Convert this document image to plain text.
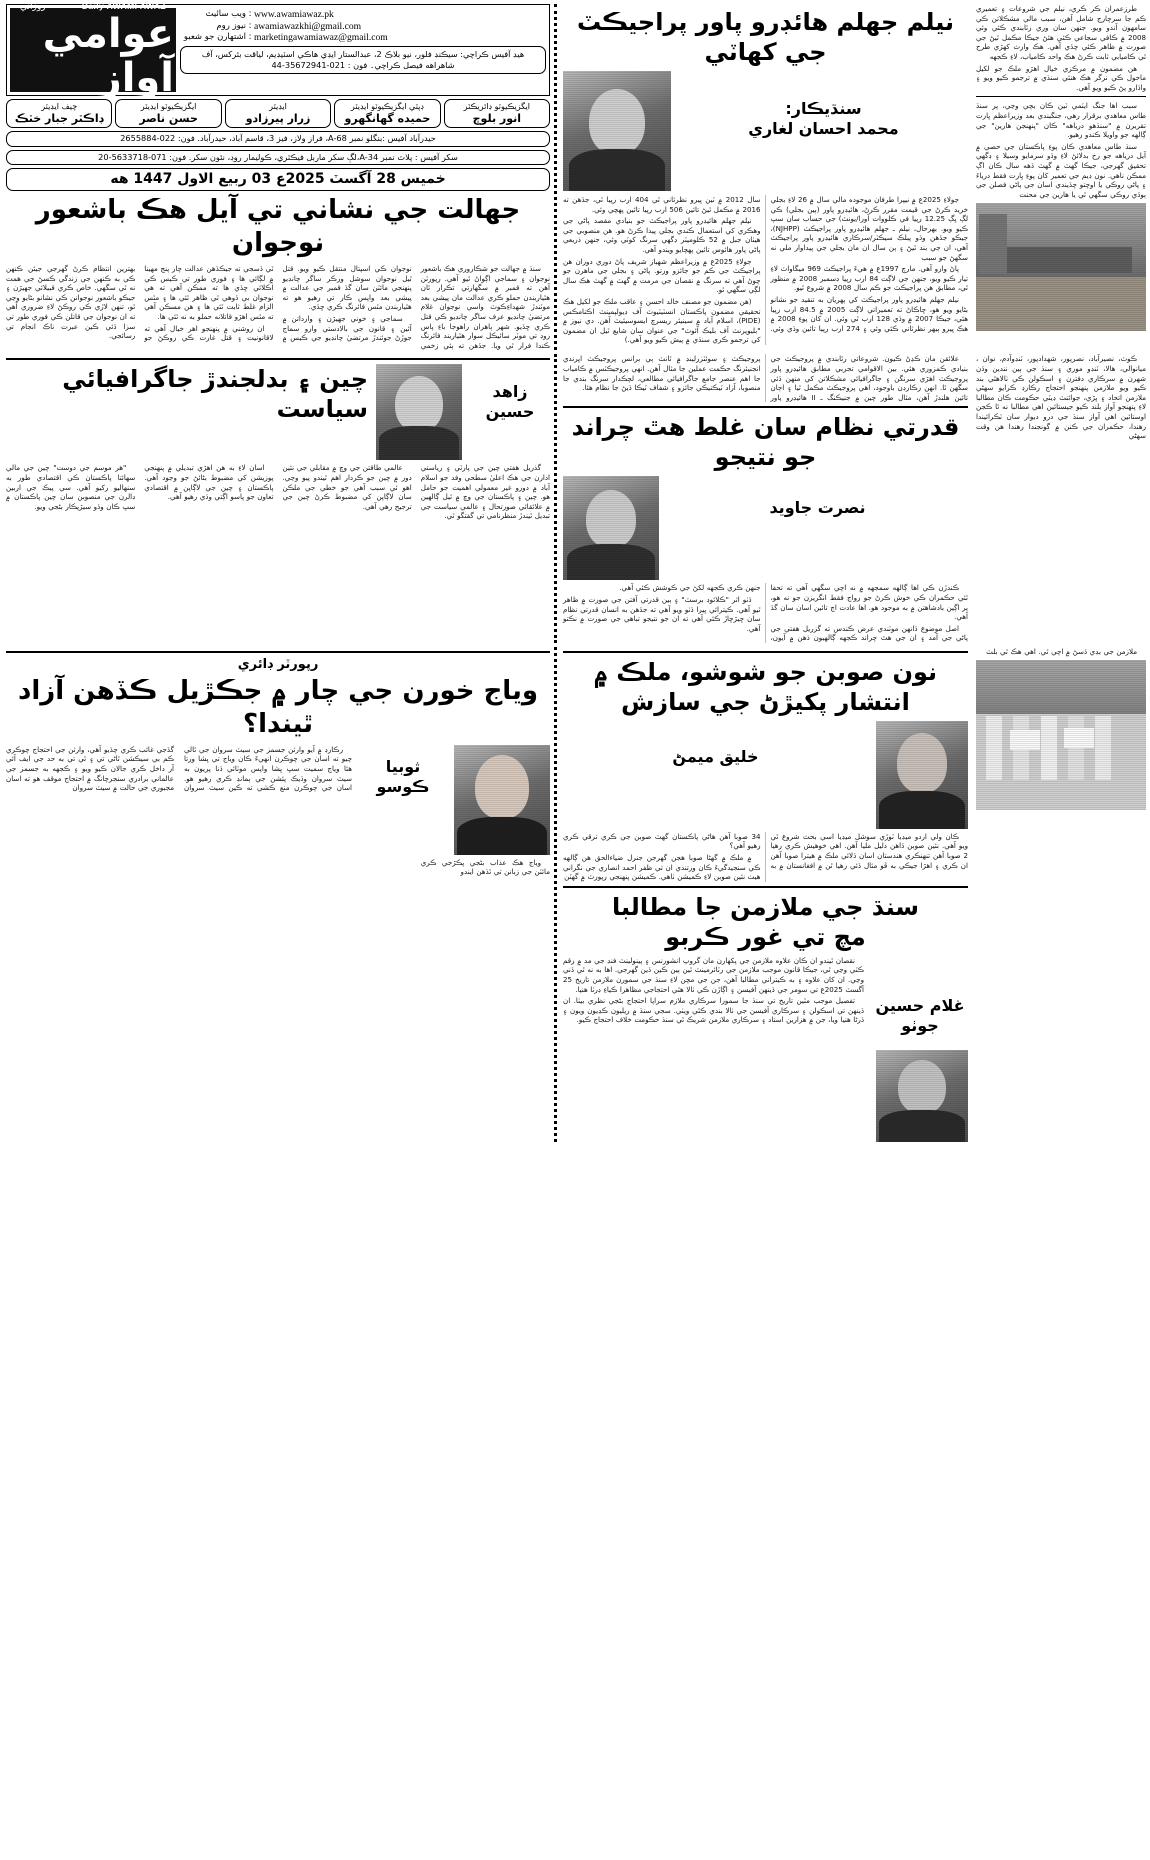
روزاني	Daily AWAMI AWAZ
عوامي آواز
ويب سائيٽ : www.awamiawaz.pk
نيوز روم : awamiawazkhi@gmail.com
اشتهارن جو شعبو : marketingawamiawaz@gmail.com
هيڊ آفيس ڪراچي: سيڪنڊ فلور، نيو بلاڪ 2، عبدالستار ايڊي هاڪي اسٽيڊيم، لياقت بئركس، آف شاهراهه فيصل ڪراچي۔ فون : 021-35672941-44
چيف ايڊيٽر
ڊاڪٽر جبار خٽڪ
ايگزيڪيوٽو ايڊيٽر
حسن ناصر
ايڊيٽر
زرار پيرزادو
ڊپٽي ايگزيڪيوٽو ايڊيٽر
حميده گهانگهرو
ايگزيڪيوٽو ڊائريڪٽر
انور بلوچ
حيدرآباد آفيس :بنگلو نمبر A-68، فراز ولاز، فيز 3، قاسم آباد، حيدرآباد. فون: 022-2655884
سکر آفيس : پلاٽ نمبر A-34،لڳ سکر ماربل فيڪٽري، ڪوليمار روڊ، نئون سکر. فون: 071-5633718-20
خميس 28 آگسٽ 2025ع 03 ربيع الاول 1447 هه
جهالت جي نشاني تي آيل هڪ باشعور نوجوان

سنڌ ۾ جهالت جو شڪاروري هڪ باشعور نوجوان ۽ سماجي اڳواڻ ٿيو آهي. رپورٽن آهن ته قمبر ۾ سگهارتي تڪرار ٿان هٿياربندن حملو ڪري عدالت مان پيشي بعد موٽندڙ شهداءِڪوٽ واسي نوجوان غلام مرتضيٰ چانڊيو عرف ساگر چانڊيو ڪي قتل ڪري ڇڏيو. شهر ٻاهران راهوجا باءِ پاس روڊ تي موٽر سائيڪل سوار هٿياربند فائرنگ ڪندا فرار ٿي ويا. جڏهن ته ٻئي زخمي نوجوان ڪي اسپتال منتقل ڪيو ويو. قتل ٿيل نوجوان سوشل ورڪر ساگر چانڊيو پنهنجي مائٽن سان گڏ قمبر جي عدالت ۾ پيشي بعد واپس ڪار تي رهيو هو ته هٿياربندن مٿس فائرنگ ڪري ڇڏي.

سماجي ۽ خوني جهيڙن ۽ وارداتن ۾ آئين ۽ قانون جي بالادستي وارو سماج جوڙڻ جوئندڙ مرتضيٰ چانڊيو جي ڪيس ۾ ٿي ڏسجي ته جيڪڏهن عدالت چار پنج مهينا ۾ لڳائي ها ۽ فوري طور تي ڪيس ڪي اڪلائي ڇڏي ها ته ممڪن آهي ته هي نوجوان بي ڏوهي ٿي ظاهر ٿئي ها ۽ مٿس الزام غلط ثابت ٿئي ها ۽ هن مسڪن آهي ته مٿس اهڙو قاتلانه حملو به نه ٿئي ها.

ان روشني ۾ پنهنجو اهر خيال آهي ته لاقانونيت ۽ قتل غارت ڪي روڪڻ جو بهترين انتظام ڪرڻ گهرجي جيئن ڪنهن ڪي به ڪنهن جي زندگي ڪسڻ جي همت نه ٿي سگهي. خاص ڪري قبيلائي جهيڙن ۽ جيڪو باشعور نوجوانن ڪي نشانو بڻايو وڃي ٿو، تنهن لاڙي ڪي روڪڻ لاءِ ضروري آهي ته ان نوجوان جي قاتلن ڪي فوري طور تي سزا ڏئي ڪين عبرت ناڪ انجام تي رسائجي.

نيلم جهلم هائڊرو پاور پراجيڪٽ جي کهاٽي
سنڌيڪار:
محمد احسان لغاري

جولاءِ 2025ع ۾ نيپرا طرفان موجوده مالي سال ۾ 26 لاءِ بجلي خريد ڪرڻ جي قيمت مقرر ڪرڻ، هائيڊرو پاور (ٻين بجلي) ڪي لڳ ڀڳ 12.25 رپيا في ڪلووات آورا/يونٽ) جي حساب سان سپ ڪيو ويو. بهرحال، نيلم ـ جهلم هائيڊرو پاور پراجيڪٽ (NJHPP)، جيڪو جڏهن وڌو پبلڪ سيڪٽر/سرڪاري هائيڊرو پاور پراجيڪٽ آهي، ان جي بند ٿيڻ ۽ ٻن سال ان مان بجلي جي پيداوار ملي نه سگهڻ جو سبب

پاڻ وارو آهي. مارچ 1997ع ۾ هيءَ پراجيڪٽ 969 ميگاواٽ لاءِ تيار ڪيو ويو، جنهن جي لاڳت 84 ارب رپيا ڊسمبر 2008 ۾ منظور ٿي، مطابق هن پراجيڪٽ جو ڪم سال 2008 ۾ شروع ٿيو.

نيلم جهلم هائيڊرو پاور پراجيڪٽ کي پهريان به تنقيد جو نشانو بڻايو ويو هو، ڇاڪاڻ ته تعميراتي لاڳت 2005 ۾ 84.5 ارب رپيا هئي، جيڪا 2007 ۾ وڌي 128 ارب ٿي وئي. ان کان پوءِ 2008 ۾ هڪ ڀيرو ٻيهر نظرثاني ڪئي وئي ۽ 274 ارب رپيا تائين وڌي وئي. سال 2012 ۾ ٽين ڀيرو نظرثاني ٿي 404 ارب رپيا ٿي، جڏهن ته 2016 ۾ مڪمل ٿيڻ تائين 506 ارب رپيا تائين پهچي وئي.

نيلم جهلم هائيڊرو پاور پراجيڪٽ جو بنيادي مقصد پاڻي جي وهڪري کي استعمال ڪندي بجلي پيدا ڪرڻ هو. هن منصوبي جي هيٺان جبل ۾ 52 ڪلوميٽر ڊگهي سرنگ کوٽي وئي، جنهن ذريعي پاڻي پاور هائوس تائين پهچايو ويندو آهي.

جولاءِ 2025ع ۾ وزيراعظم شهباز شريف پاڻ دوري دوران هن پراجيڪٽ جي ڪم جو جائزو ورتو. پاڻي ۽ بجلي جي ماهرن جو چوڻ آهي ته سرنگ ۾ نقصان جي مرمت ۾ گهٽ ۾ گهٽ هڪ سال لڳي سگهي ٿو.

(هن مضمون جو مصنف خالد احسن ۽ عاقب ملڪ جو لکيل هڪ تحقيقي مضمون پاڪستان انسٽيٽيوٽ آف ڊيولپمينٽ اڪنامڪس (PIDE)، اسلام آباد ۾ سينيئر ريسرچ ايسوسيئيٽ آهن. دي نيوز ۾ "بليوپرنٽ آف بليڪ آئوٽ" جي عنوان سان شايع ٿيل ان مضمون کي ترجمو ڪري سنڌي ۾ پيش ڪيو ويو آهي.)

طرزعمران ڪر ڪري، نيلم جي شروعات ۽ تعميري ڪم جا سرچارج شامل آهن، سبب مالي مشڪلاتن ڪي سامهون آندو ويو. جنهن سان وري رٿابندي ڪئي وئي 2008 ۾ ڪافي سجاعي ڪئي هئڻ جيڪا مڪمل ٿيڻ جي صورت ۾ ظاهر ڪئي چڏي آهي. هڪ وارث کهڙي طرح ٿي ڪاميابي ثابت ڪرڻ هڪ واحد ڪامياب، لاءِ ڪجهه

هن مضمون ۾ مرڪزي خيال اهڙو ملڪ جو لکيل ماحول ڪي نرگر هڪ هنئي سنڌي ۾ ترجمو ڪيو ويو ۽ واڌارو پڻ ڪيو ويو آهي.

سبب اها جنگ ايٽمي ٽين ڪان بچي وڃي، پر سنڌ طاس معاهدي برقرار رهي، جنگبندي بعد وزيراعظم ڀارت تقريرن ۾ "سنڌهو درياهه" ڪان "پنهنجن هارين" جي ڳالهه جو واويلا ڪندو رهيو.

سنڌ طاس معاهدي ڪان پوءِ پاڪستان جي حصي ۾ آيل درياهه جو رخ بدلائڻ لاءِ وڏو سرمايو وسيلا ۽ ڊگهي تحقيق گهرجي، جيڪا گهٽ ۾ گهٽ ڏهه سال ڪان اڳ ممڪن ناهي. نون ڊيم جي تعمير کان پوءِ ڀارت فقط درياءَ ۽ پاڻي روڪي يا اوچتو چڏيندي اسان جي پاڻي فصلن جي ٻوڏي روڪي سگهي ٿي يا هارين جي محنت

چين ۽ بدلجندڙ جاگرافيائي سياست
زاهد حسين

گذريل هفتي چين جي پارٽي ۽ رياستي ادارن جي هڪ اعليٰ سطحي وفد جو اسلام آباد ۾ دورو غير معمولي اهميت جو حامل هو. چين ۽ پاڪستان جي وچ ۾ ٿيل ڳالهين ۾ علائقائي صورتحال ۽ عالمي سياست جي تبديل ٿيندڙ منظرنامي تي گفتگو ٿي.

عالمي طاقتن جي وچ ۾ مقابلي جي نئين دور ۾ چين جو ڪردار اهم ٿيندو پيو وڃي. اهو ئي سبب آهي جو خطي جي ملڪن سان لاڳاپن کي مضبوط ڪرڻ چين جي ترجيح رهي آهي.

اسان لاءِ به هن اهڙي تبديلي ۾ پنهنجي پوزيشن کي مضبوط بڻائڻ جو وجود آهي. پاڪستان ۽ چين جي لاڳاپن ۾ اقتصادي تعاون جو پاسو اڳتي وڌي رهيو آهي.

"هر موسم جي دوست" چين جي مالي سهائتا پاڪستان ڪي اقتصادي طور به سنهاليو رکيو آهي. سي پيڪ جي اربين ڊالرن جي منصوبن سان چين پاڪستان ۾ سڀ ڪان وڏو سيڙپڪار بڻجي ويو.

علائقن مان ڪڍڻ ڪيون. شروعاتي رٿابندي ۾ پروجيڪٽ جي بنيادي ڪمزوري هئي. بين الاقوامي تجربي مطابق هائيڊرو پاور پروجيڪٽ اهڙي سرنگن ۽ جاگرافيائي مشڪلاتن کي منهن ڏئي سگهن ٿا. انهن رڪارڊن باوجود، اهي پروجيڪٽ مڪمل ٿيا ۽ اڄان تائين هلندڙ آهن، مثال طور چين ۾ جنيڪنگ ـ II هائيڊرو پاور پروجيڪٽ ۽ سوئٽزرلينڊ ۾ ٿانٽ ٻي برانس پروجيڪٽ اڀرندي انجنيئرنگ حڪمت عملين جا مثال آهن. انهي پروجيڪٽس ۾ ڪامياب جا اهم عنصر جامع جاگرافيائي مطالعي، لچڪدار سرنگ بندي جا منصوبا، آزاد ٽيڪنيڪي جائزو ۽ شفاف ٽيڪا ڏيڻ جا نظام هئا.

قدرتي نظام سان غلط هٿ چراند جو نتيجو
نصرت جاويد

ڪندڙن ڪي اها ڳالهه سمجهه ۾ نه اچي سگهي آهي ته تحفا ٿئي حڪمران ڪي خوش ڪرڻ جو رواج فقط انگريزن جو نه هو، پر اڳين بادشاهتن ۾ به موجود هو. اها عادت اڄ تائين اسان سان گڏ آهي.

اصل موضوع ڏانهن موٽندي عرض ڪندس ته گزريل هفتي جي پاڻي جي آمد ۽ ان جي هٿ چراند ڪجهه ڳالهيون ذهن ۾ آيون، جنهن ڪري ڪجهه لکڻ جي ڪوشش ڪئي آهي.

ڏٺو اثر "ڪلائوڊ برسٽ" ۽ ٻين قدرتي آفتن جي صورت ۾ ظاهر ٿيو آهي. ڪيترائي ڀيرا ڏٺو ويو آهي ته جڏهن به انسان قدرتي نظام سان ڇيڙڇاڙ ڪئي آهي ته ان جو نتيجو تباهي جي صورت ۾ نڪتو آهي.

ڪوٽ، نصيرآباد، نصرپور، شهدادپور، ٽنڊوآدم، نوان ، ميانوالي، هالا، ٽنڊو موري ۽ سنڌ جي ٻين نندين وڏن شهرن ۾ سرڪاري دفترن ۽ اسڪولن ڪي ٺالاهٿي بند ڪيو ويو ملازمن پنهنجو احتجاج رڪارڊ ڪرايو سهڻي ملازمن اتحاد ۽ ڀڙي، جوائنٽ ڊيٽي حڪومت ڪان مطالبا لاءِ پنهنجو آواز بلند ڪيو جيستائين اهي مطالبا نه ٿا ڪجن اوستائين اهي آواز سنڌ جي درو ديوار سان ٽڪرائيندا رهندا، حڪمران جي ڪنن ۾ گونجندا رهندا هن وقت سهڻي

رپورٽر ڊائري
وياج خورن جي چار ۾ جڪڙيل ڪڏهن آزاد ٿيندا؟

رڪارڊ ۾ آيو وارثن جسمز جي سيٽ سروان جي ٿالي چيو ته اسان جي چوڪرن انهيءَ ڪان وياج تي ڀشا ورتا هئا وياج سميت سڀ ڀشا واپس موٽائي ڏنا پريون به سيٽ سروان وڌيڪ پئشن جي ٻمانڊ ڪري رهيو هو. اسان جي چوڪرن منع ڪشي ته ڪين سيٽ سروان گڏجي غائب ڪري چڏيو آهي، وارثن جي احتجاج چوڪري ڪم بي سيڪشن ٿاڻي تي ۽ ٿي تي به حد جي ايف آئي آر داخل ڪري جالان ڪيو ويو ۽ ڪجهه به جسمز جي عالماني برادري سنجرچانگ ۾ احتجاج موقف هو ته اسان مجبوري جي حالت ۾ سيٽ سروان

ثوبيا ڪوسو

وياج هڪ عذاب بڻجي پڪڙجي ڪري مائٽن جي زبانن تي ٿڌهن ايندو

نون صوبن جو شوشو، ملڪ ۾ انتشار پکيڙڻ جي سازش
خليق ميمڻ

ڪان ولي اردو ميڊيا ٽوڙي سوشل ميڊيا اسي بحث شروع ٿي ويو آهي. نئين صوبن ڏاهن دليل مليا آهن. اهي خوهيش ڪري رهيا 2 صوبا آهن تنهنڪري هندستان اسان ڌلائي ملڪ ۾ هيترا صوبا آهن ان ڪري ۽ اهڙا جيڪي به ڦو مثال ڏئي رهيا ٿن ۾ افغانستان ۾ به 34 صوبا آهن هاڻي پاڪستان گهٽ صوبن جي ڪري ترقي ڪري رهيو آهي؟

۾ ملڪ ۾ گهڻا صوبا هجن گهرجن جنرل ضياءالحق هن ڳالهه ڪي سنجيدگيءَ ڪان ورتندي ان تي ظفر احمد انصاري جي نگراني هيٺ نئين صوبن لاءِ ڪميشن ٺاهي. ڪميشن پنهنجي رپورٽ ۾ گهٽن

سنڌ جي ملازمن جا مطالبا
مچ تي غور ڪربو

نقصان ٿيندو ان ڪان علاوه ملازمن جي پکهارن مان گروپ انشورنس ۽ پينولينٽ فنڊ جي مد ۾ رقم ڪٽي وڃي ٿي، جيڪا قانون موجب ملازمن جي رٽائرمينٽ ٿين ٻين ڪين ڏين گهرجي. اها به نه ٿي ڏني وڃي. ان کان علاوه ۽ به ڪيتراني مطالبا آهن، جن جي مچن لاءِ سنڌ جي سمورن ملازمن تاريخ 25 آگسٽ 2025ع تي سومر جي ڏينهن آفيسن ۽ اڳاڙن ڪي ٺالا هٿي احتجاجي مظاهرا ڪياءِ ڊرٺا هنيا.

تفصيل موجب مٿين تاريخ تي سنڌ جا سمورا سرڪاري ملازم سراپا احتجاج بڻجي نظري بيٺا. ان ڏينهن تي اسڪولن ۽ سرڪاري آفيسن جي ٺالا بندي ڪٿي ويٺي. سجي سنڌ ۾ ريليون ڪڍيون ويون ۽ ڌرڻا هنيا ويا، جن ۾ هزارين استاد ۽ سرڪاري ملازمن شريڪ ٿي سنڌ حڪومت خلاف احتجاج ڪيو.

غلام حسين جوٺو

ملازمن جي بڊي ڏسڻ ۾ اچي ٿي. اهي هڪ ٿي بلٽ
